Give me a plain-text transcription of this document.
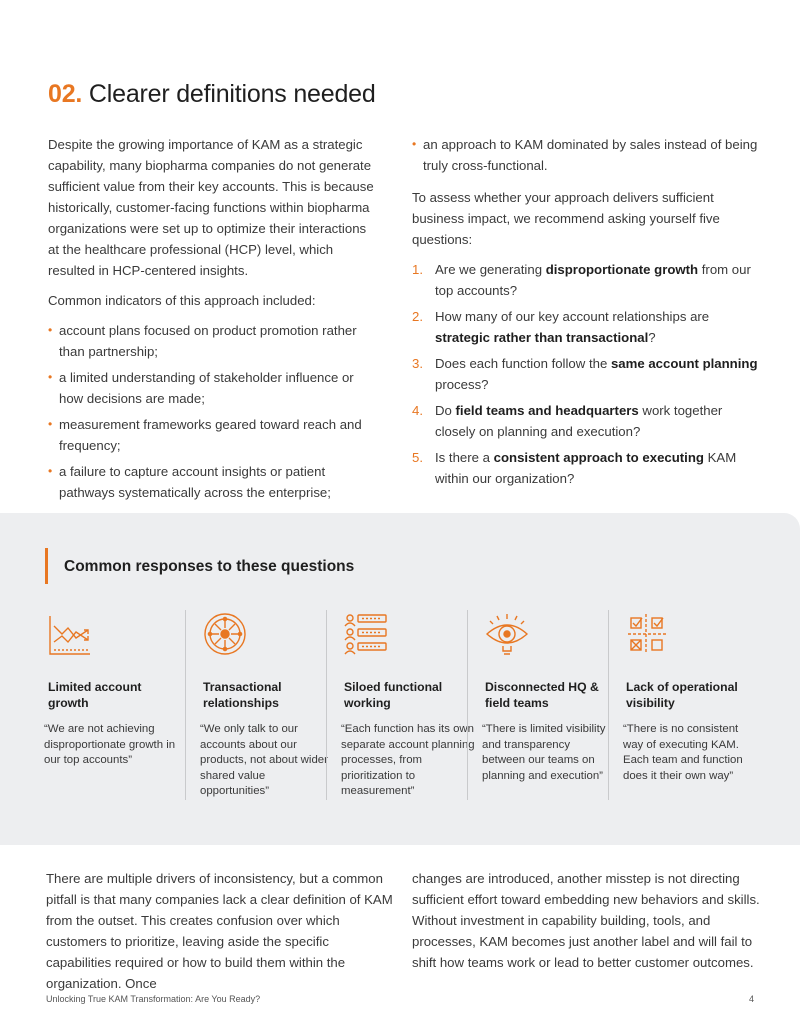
02. Clearer definitions needed

Despite the growing importance of KAM as a strategic capability, many biopharma companies do not generate sufficient value from their key accounts. This is because historically, customer-facing functions within biopharma organizations were set up to optimize their interactions at the healthcare professional (HCP) level, which resulted in HCP-centered insights.

Common indicators of this approach included:

• account plans focused on product promotion rather than partnership;
• a limited understanding of stakeholder influence or how decisions are made;
• measurement frameworks geared toward reach and frequency;
• a failure to capture account insights or patient pathways systematically across the enterprise;
• an approach to KAM dominated by sales instead of being truly cross-functional.

To assess whether your approach delivers sufficient business impact, we recommend asking yourself five questions:

1. Are we generating disproportionate growth from our top accounts?
2. How many of our key account relationships are strategic rather than transactional?
3. Does each function follow the same account planning process?
4. Do field teams and headquarters work together closely on planning and execution?
5. Is there a consistent approach to executing KAM within our organization?
Common responses to these questions
Limited account growth
“We are not achieving disproportionate growth in our top accounts”
Transactional relationships
“We only talk to our accounts about our products, not about wider shared value opportunities”
Siloed functional working
“Each function has its own separate account planning processes, from prioritization to measurement”
Disconnected HQ & field teams
“There is limited visibility and transparency between our teams on planning and execution”
Lack of operational visibility
“There is no consistent way of executing KAM. Each team and function does it their own way”

There are multiple drivers of inconsistency, but a common pitfall is that many companies lack a clear definition of KAM from the outset. This creates confusion over which customers to prioritize, leaving aside the specific capabilities required or how to build them within the organization. Once

changes are introduced, another misstep is not directing sufficient effort toward embedding new behaviors and skills. Without investment in capability building, tools, and processes, KAM becomes just another label and will fail to shift how teams work or lead to better customer outcomes.

Unlocking True KAM Transformation: Are You Ready?	4
